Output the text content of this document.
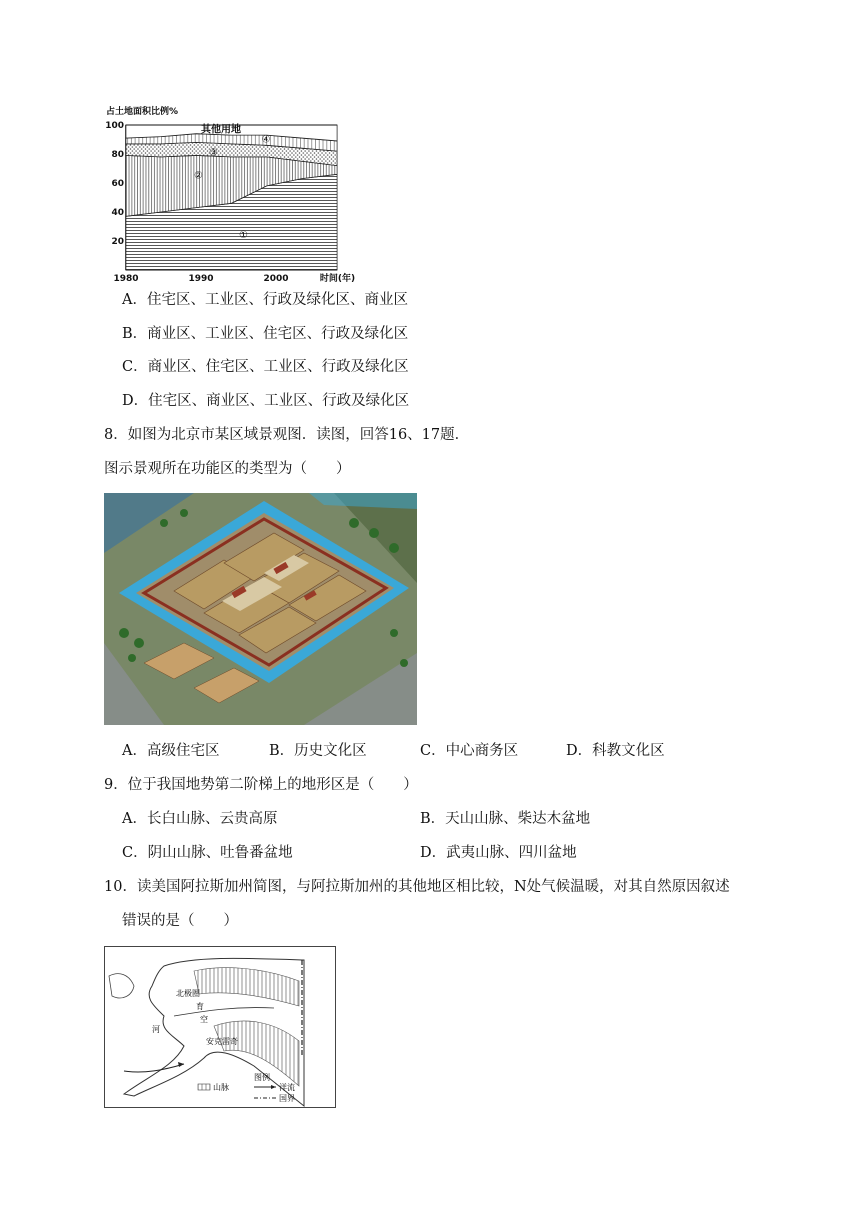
占土地面积比例%
100
80
60
40
20
1980	1990	2000	时间(年)
其他用地
④
③
②
①
A．住宅区、工业区、行政及绿化区、商业区
B．商业区、工业区、住宅区、行政及绿化区
C．商业区、住宅区、工业区、行政及绿化区
D．住宅区、商业区、工业区、行政及绿化区
8．如图为北京市某区域景观图．读图，回答16、17题．
图示景观所在功能区的类型为（　　）
A．高级住宅区	B．历史文化区	C．中心商务区	D．科教文化区
9．位于我国地势第二阶梯上的地形区是（　　）
A．长白山脉、云贵高原	B．天山山脉、柴达木盆地
C．阴山山脉、吐鲁番盆地	D．武夷山脉、四川盆地
10．读美国阿拉斯加州简图，与阿拉斯加州的其他地区相比较，N处气候温暖，对其自然原因叙述
错误的是（　　）
北极圈
育
空
河
安克雷奇
图例
山脉	洋流
国界
